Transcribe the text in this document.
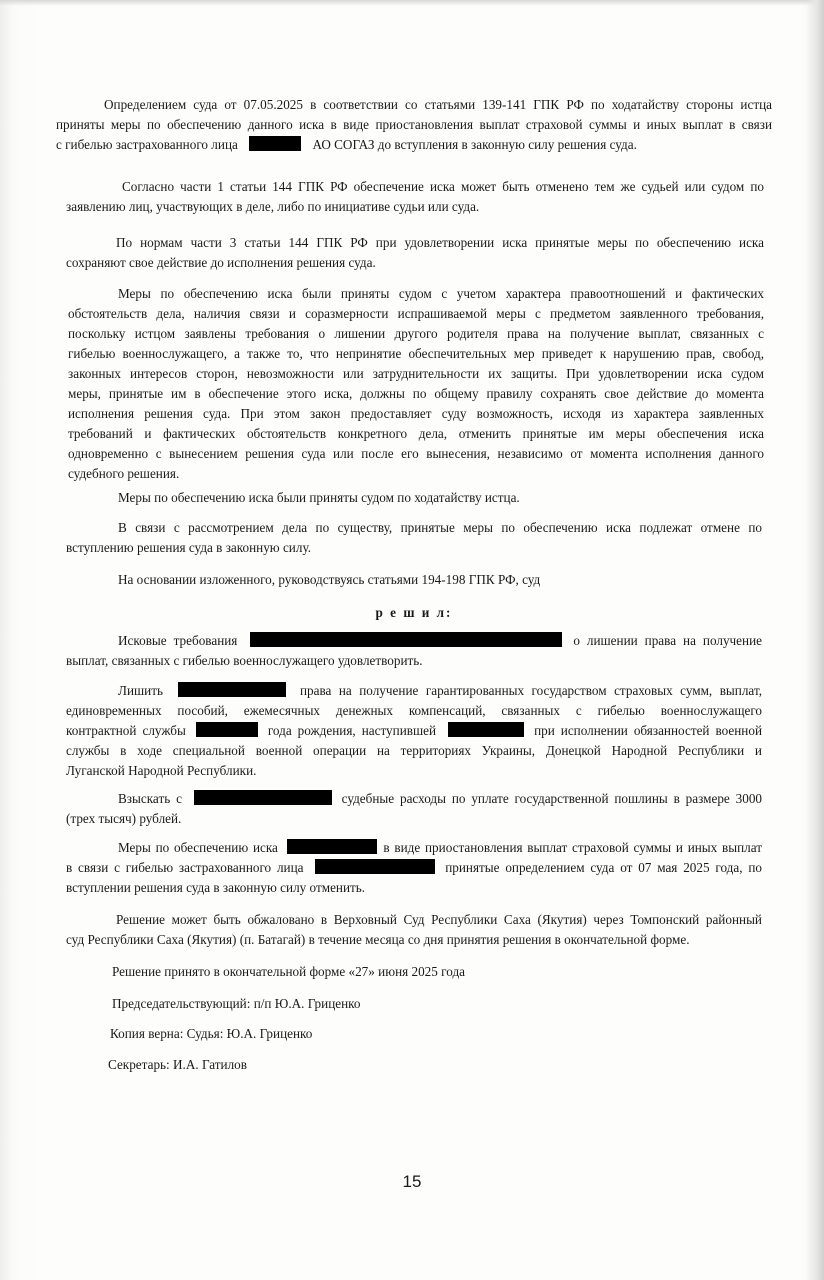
Определением суда от 07.05.2025 в соответствии со статьями 139-141 ГПК РФ по ходатайству стороны истца
приняты меры по обеспечению данного иска в виде приостановления выплат страховой суммы и иных выплат в связи
с гибелью застрахованного лица	АО СОГАЗ до вступления в законную силу решения суда.
Согласно части 1 статьи 144 ГПК РФ обеспечение иска может быть отменено тем же судьей или судом по
заявлению лиц, участвующих в деле, либо по инициативе судьи или суда.
По нормам части 3 статьи 144 ГПК РФ при удовлетворении иска принятые меры по обеспечению иска
сохраняют свое действие до исполнения решения суда.
Меры по обеспечению иска были приняты судом с учетом характера правоотношений и фактических
обстоятельств дела, наличия связи и соразмерности испрашиваемой меры с предметом заявленного требования,
поскольку истцом заявлены требования о лишении другого родителя права на получение выплат, связанных с
гибелью военнослужащего, а также то, что непринятие обеспечительных мер приведет к нарушению прав, свобод,
законных интересов сторон, невозможности или затруднительности их защиты. При удовлетворении иска судом
меры, принятые им в обеспечение этого иска, должны по общему правилу сохранять свое действие до момента
исполнения решения суда. При этом закон предоставляет суду возможность, исходя из характера заявленных
требований и фактических обстоятельств конкретного дела, отменить принятые им меры обеспечения иска
одновременно с вынесением решения суда или после его вынесения, независимо от момента исполнения данного
судебного решения.
Меры по обеспечению иска были приняты судом по ходатайству истца.
В связи с рассмотрением дела по существу, принятые меры по обеспечению иска подлежат отмене по
вступлению решения суда в законную силу.
На основании изложенного, руководствуясь статьями 194-198 ГПК РФ, суд
р е ш и л:
Исковые требования	о лишении права на получение
выплат, связанных с гибелью военнослужащего удовлетворить.
Лишить	права на получение гарантированных государством страховых сумм, выплат,
единовременных пособий, ежемесячных денежных компенсаций, связанных с гибелью военнослужащего
контрактной службы	года рождения, наступившей	при исполнении обязанностей военной
службы в ходе специальной военной операции на территориях Украины, Донецкой Народной Республики и
Луганской Народной Республики.
Взыскать с	судебные расходы по уплате государственной пошлины в размере 3000
(трех тысяч) рублей.
Меры по обеспечению иска	в виде приостановления выплат страховой суммы и иных выплат
в связи с гибелью застрахованного лица	принятые определением суда от 07 мая 2025 года, по
вступлении решения суда в законную силу отменить.
Решение может быть обжаловано в Верховный Суд Республики Саха (Якутия) через Томпонский районный
суд Республики Саха (Якутия) (п. Батагай) в течение месяца со дня принятия решения в окончательной форме.
Решение принято в окончательной форме «27» июня 2025 года
Председательствующий: п/п Ю.А. Гриценко
Копия верна: Судья: Ю.А. Гриценко
Секретарь: И.А. Гатилов
15
